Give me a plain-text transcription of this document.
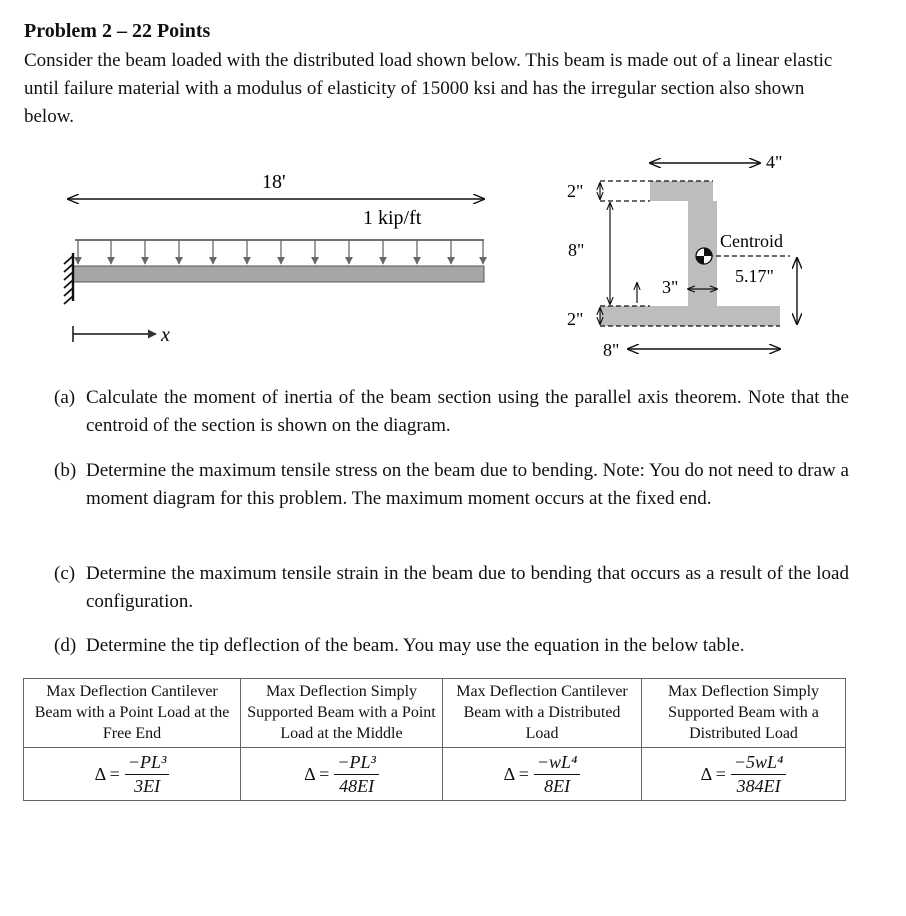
Problem 2 – 22 Points
Consider the beam loaded with the distributed load shown below. This beam is made out of a linear elastic until failure material with a modulus of elasticity of 15000 ksi and has the irregular section also shown below.
18'
1 kip/ft
x
2"
8"
2"
8"
3"
4"
Centroid
5.17"
(a) Calculate the moment of inertia of the beam section using the parallel axis theorem. Note that the centroid of the section is shown on the diagram.
(b) Determine the maximum tensile stress on the beam due to bending. Note: You do not need to draw a moment diagram for this problem. The maximum moment occurs at the fixed end.
(c) Determine the maximum tensile strain in the beam due to bending that occurs as a result of the load configuration.
(d) Determine the tip deflection of the beam. You may use the equation in the below table.
Max Deflection Cantilever Beam with a Point Load at the Free End	Max Deflection Simply Supported Beam with a Point Load at the Middle	Max Deflection Cantilever Beam with a Distributed Load	Max Deflection Simply Supported Beam with a Distributed Load

$\Delta = \frac{\text{−PL³}}{3EI}$	$\Delta = \frac{\text{−PL³}}{48EI}$	$\Delta = \frac{\text{−wL⁴}}{8EI}$	$\Delta = \frac{\text{−5wL⁴}}{384EI}$
